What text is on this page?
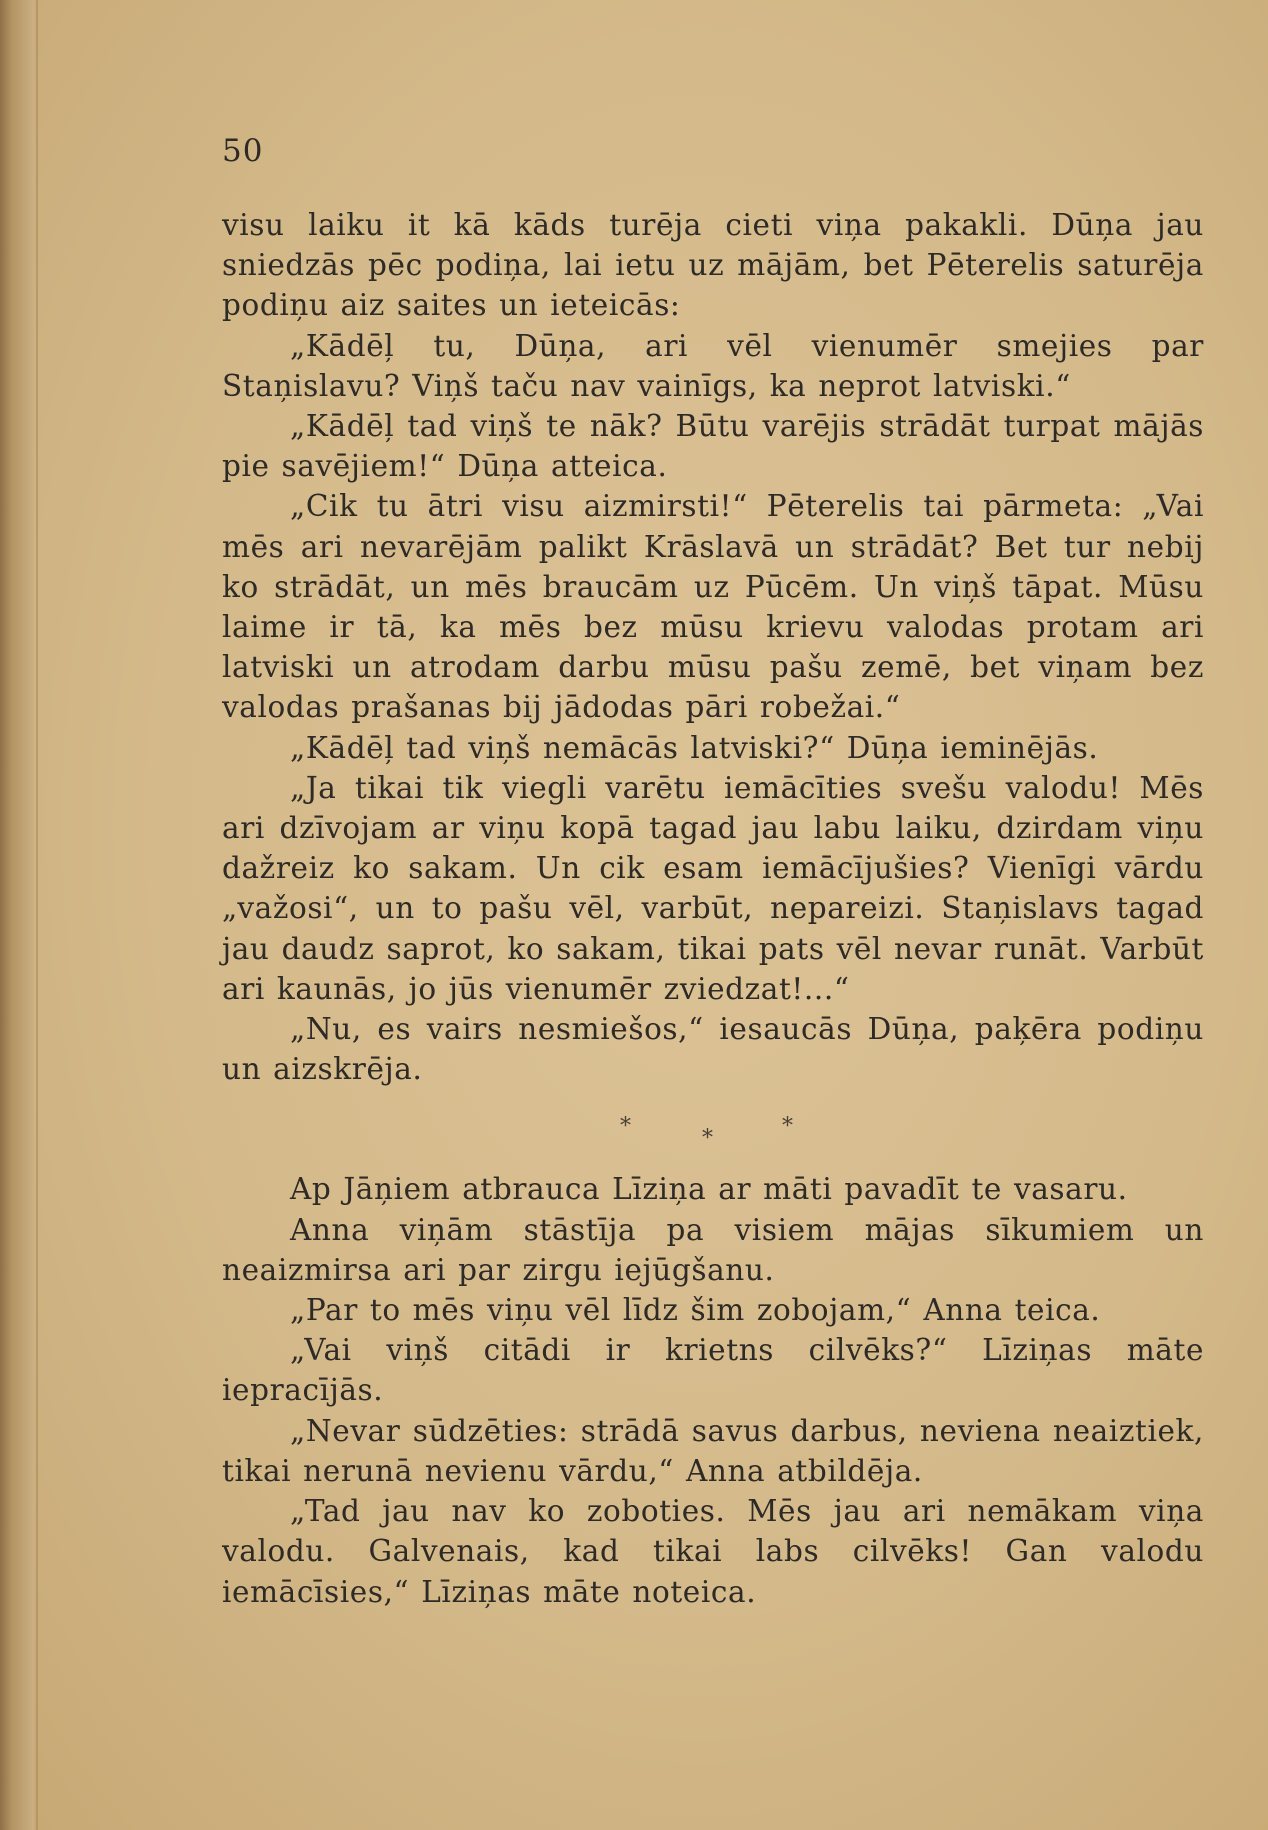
50

visu laiku it kā kāds turēja cieti viņa pakakli. Dūņa jau sniedzās pēc podiņa, lai ietu uz mājām, bet Pēterelis saturēja podiņu aiz saites un ieteicās:

„Kādēļ tu, Dūņa, ari vēl vienumēr smejies par Staņislavu? Viņš taču nav vainīgs, ka neprot latviski.“

„Kādēļ tad viņš te nāk? Būtu varējis strādāt turpat mājās pie savējiem!“ Dūņa atteica.

„Cik tu ātri visu aizmirsti!“ Pēterelis tai pārmeta: „Vai mēs ari nevarējām palikt Krāslavā un strādāt? Bet tur nebij ko strādāt, un mēs braucām uz Pūcēm. Un viņš tāpat. Mūsu laime ir tā, ka mēs bez mūsu krievu valodas protam ari latviski un atrodam darbu mūsu pašu zemē, bet viņam bez valodas prašanas bij jādodas pāri robežai.“

„Kādēļ tad viņš nemācās latviski?“ Dūņa ieminējās.

„Ja tikai tik viegli varētu iemācīties svešu valodu! Mēs ari dzīvojam ar viņu kopā tagad jau labu laiku, dzirdam viņu dažreiz ko sakam. Un cik esam iemācījušies? Vienīgi vārdu „važosi“, un to pašu vēl, varbūt, nepareizi. Staņislavs tagad jau daudz saprot, ko sakam, tikai pats vēl nevar runāt. Varbūt ari kaunās, jo jūs vienumēr zviedzat!...“

„Nu, es vairs nesmiešos,“ iesaucās Dūņa, paķēra podiņu un aizskrēja.

*	*	*

Ap Jāņiem atbrauca Līziņa ar māti pavadīt te vasaru.

Anna viņām stāstīja pa visiem mājas sīkumiem un neaizmirsa ari par zirgu iejūgšanu.

„Par to mēs viņu vēl līdz šim zobojam,“ Anna teica.

„Vai viņš citādi ir krietns cilvēks?“ Līziņas māte iepraсījās.

„Nevar sūdzēties: strādā savus darbus, neviena neaiztiek, tikai nerunā nevienu vārdu,“ Anna atbildēja.

„Tad jau nav ko zoboties. Mēs jau ari nemākam viņa valodu. Galvenais, kad tikai labs cilvēks! Gan valodu iemācīsies,“ Līziņas māte noteica.
